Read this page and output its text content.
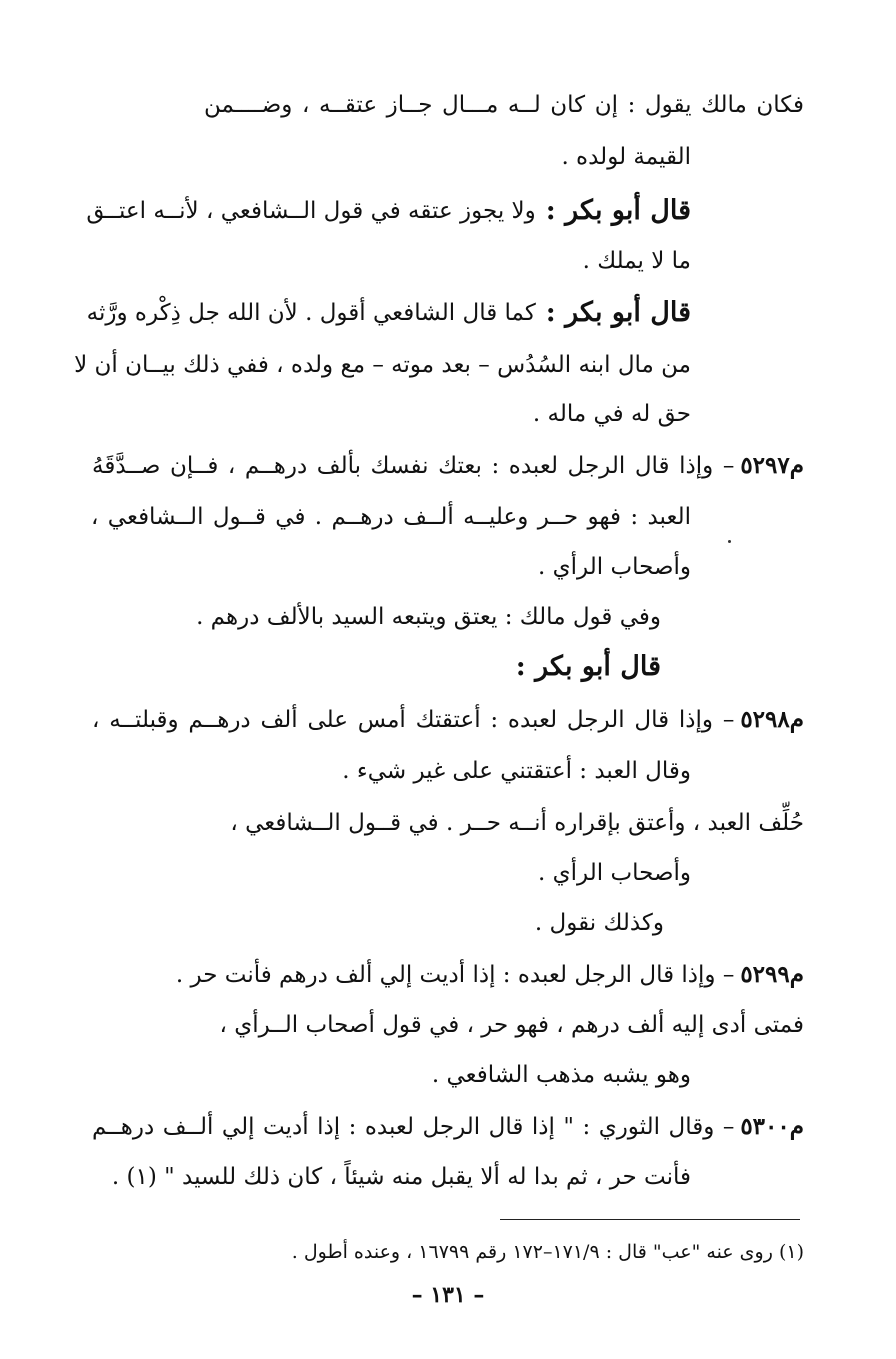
فكان مالك يقول : إن كان لــه مـــال جــاز عتقــه ، وضــــمن
القيمة لولده .
قال أبو بكر :
ولا يجوز عتقه في قول الــشافعي ، لأنــه اعتــق
ما لا يملك .
قال أبو بكر :
كما قال الشافعي أقول . لأن الله جل ذِكْره ورَّثه
من مال ابنه السُدُس – بعد موته – مع ولده ، ففي ذلك بيــان أن لا
حق له في ماله .
م٥٢٩٧
– وإذا قال الرجل لعبده : بعتك نفسك بألف درهــم ، فــإن صــدَّقَهُ
العبد : فهو حــر وعليــه ألــف درهــم . في قــول الــشافعي ،
وأصحاب الرأي .
وفي قول مالك : يعتق ويتبعه السيد بالألف درهم .
قال أبو بكر :
م٥٢٩٨
– وإذا قال الرجل لعبده : أعتقتك أمس على ألف درهــم وقبلتــه ،
وقال العبد : أعتقتني على غير شيء .
حُلِّف العبد ، وأعتق بإقراره أنــه حــر . في قــول الــشافعي ،
وأصحاب الرأي .
وكذلك نقول .
م٥٢٩٩
– وإذا قال الرجل لعبده : إذا أديت إلي ألف درهم فأنت حر .
فمتى أدى إليه ألف درهم ، فهو حر ، في قول أصحاب الــرأي ،
وهو يشبه مذهب الشافعي .
م٥٣٠٠
– وقال الثوري : " إذا قال الرجل لعبده : إذا أديت إلي ألــف درهــم
فأنت حر ، ثم بدا له ألا يقبل منه شيئاً ، كان ذلك للسيد " (١) .
(١) روى عنه "عب" قال : ١٧١/٩–١٧٢ رقم ١٦٧٩٩ ، وعنده أطول .
– ١٣١ –
